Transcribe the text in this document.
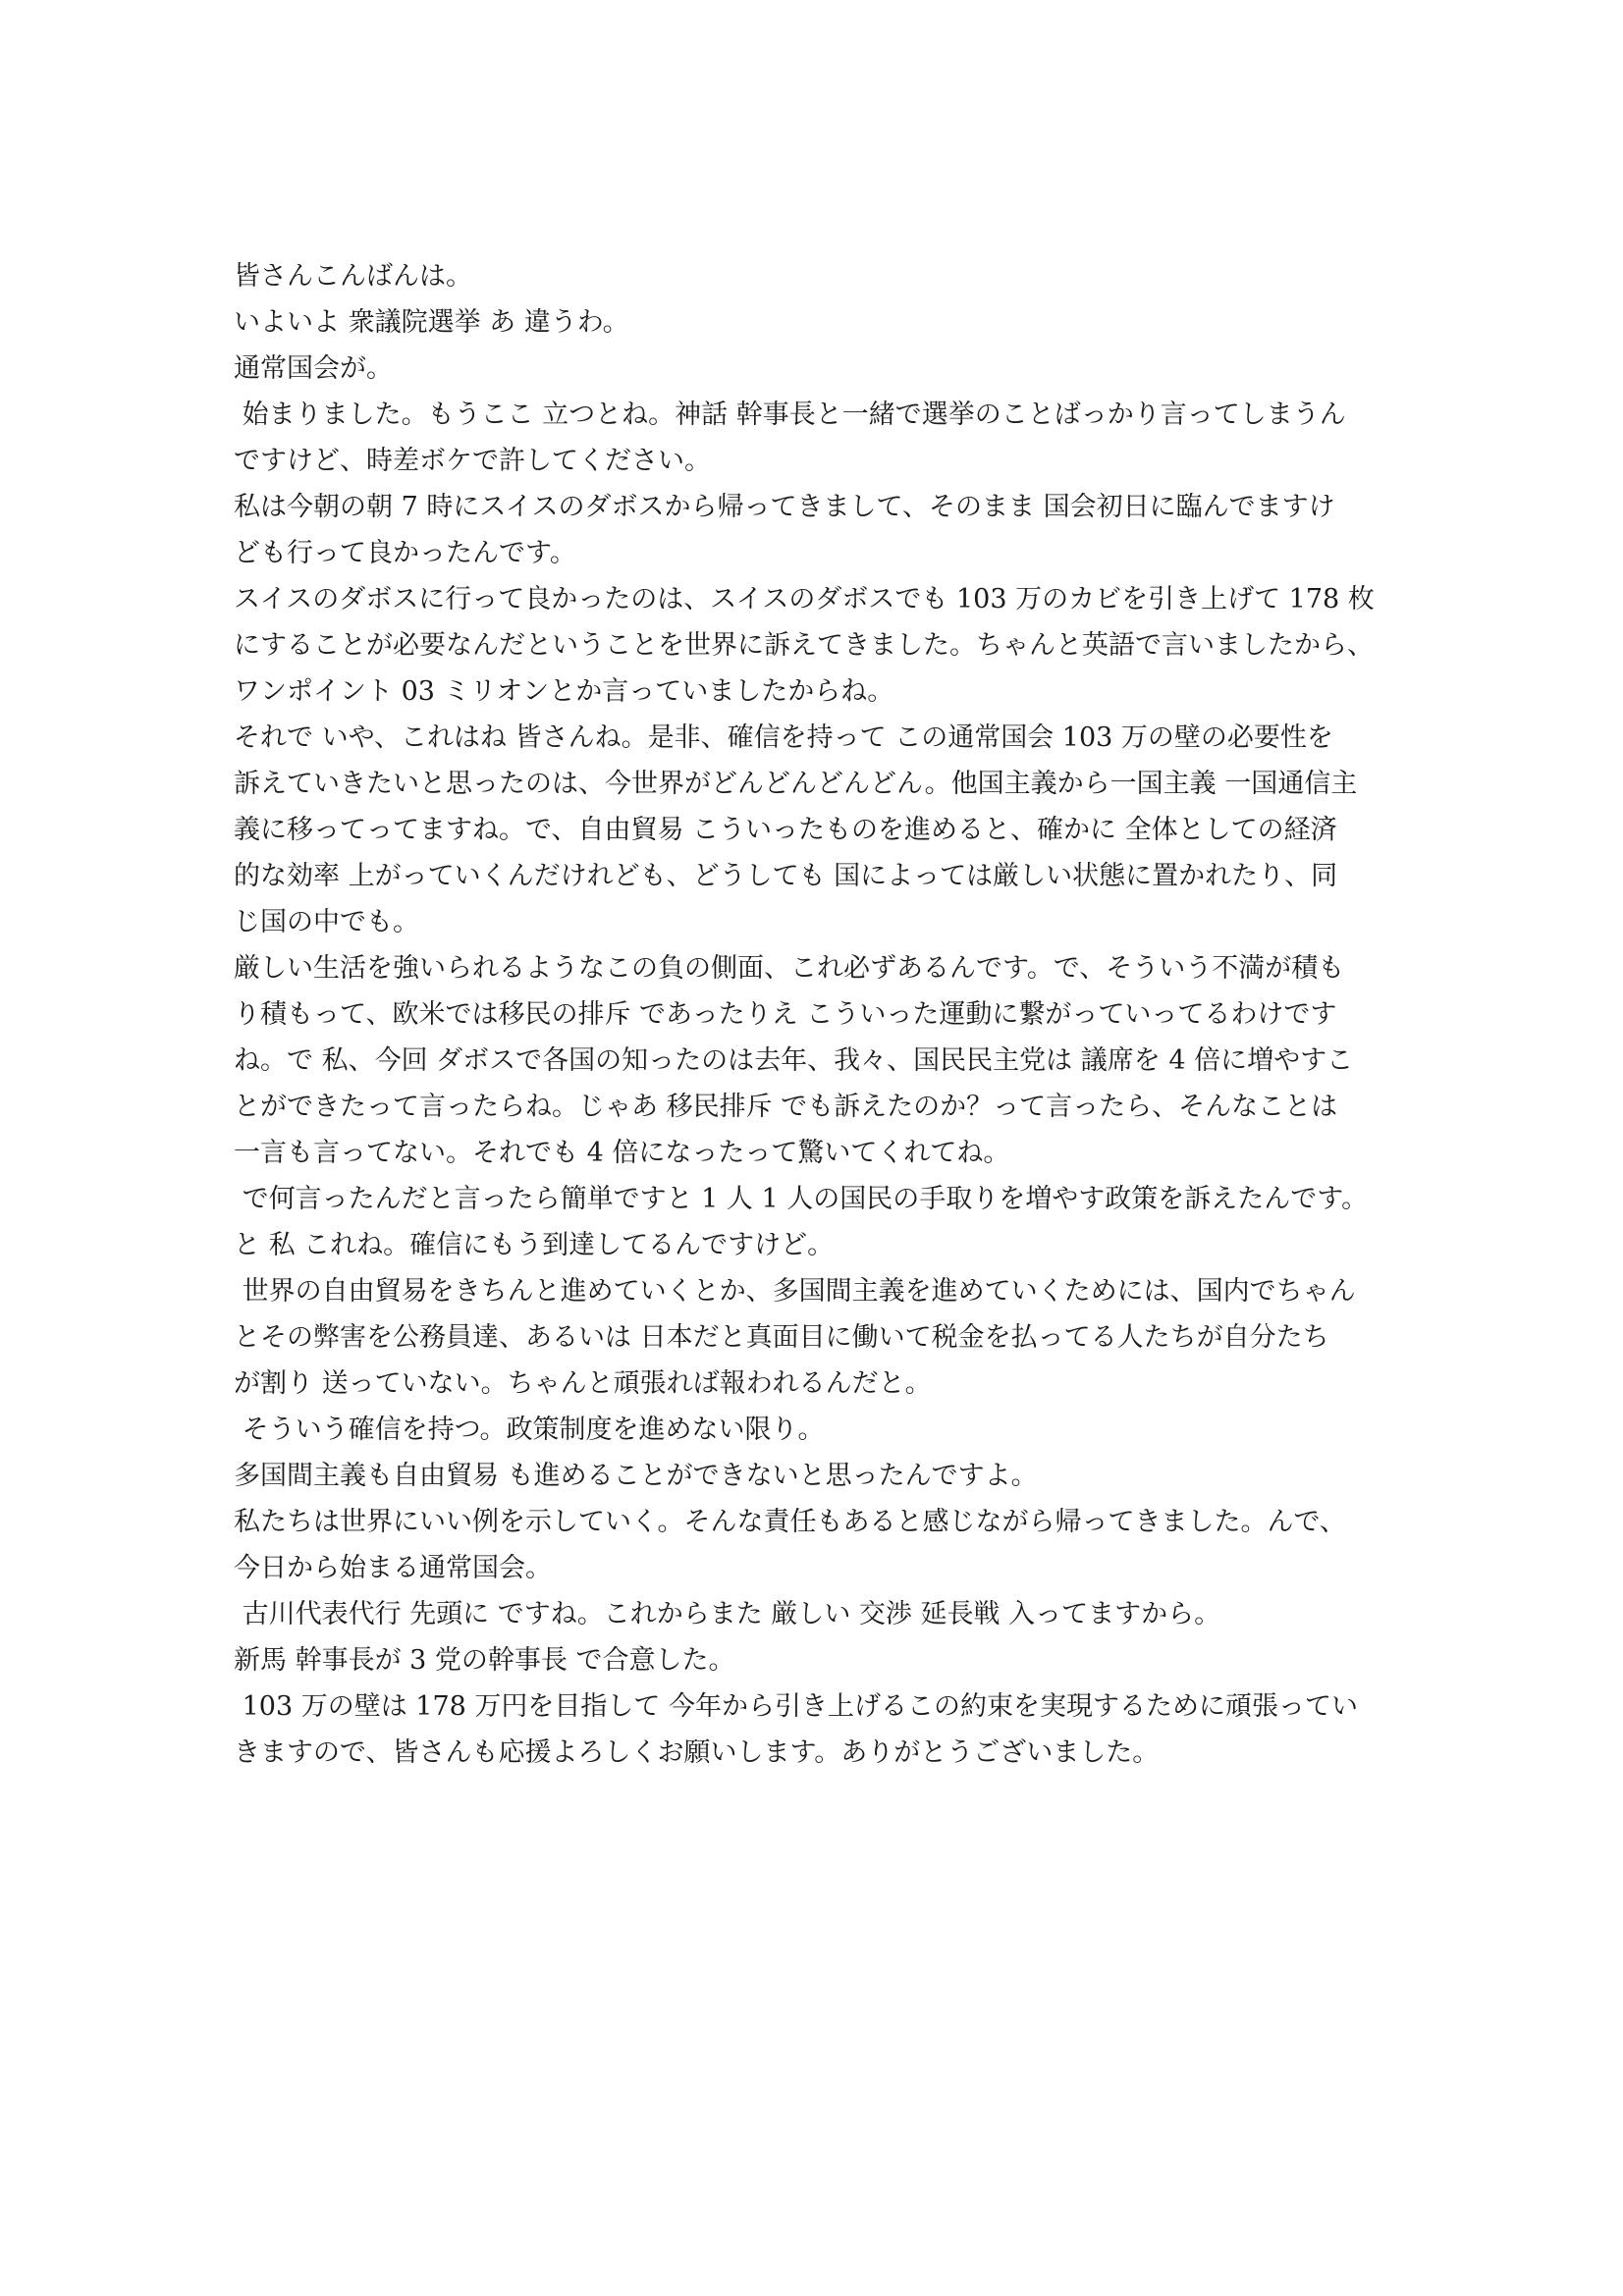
皆さんこんばんは。
いよいよ 衆議院選挙 あ 違うわ。
通常国会が。
始まりました。もうここ 立つとね。神話 幹事長と一緒で選挙のことばっかり言ってしまうん
ですけど、時差ボケで許してください。
私は今朝の朝 7 時にスイスのダボスから帰ってきまして、そのまま 国会初日に臨んでますけ
ども行って良かったんです。
スイスのダボスに行って良かったのは、スイスのダボスでも 103 万のカビを引き上げて 178 枚
にすることが必要なんだということを世界に訴えてきました。ちゃんと英語で言いましたから、
ワンポイント 03 ミリオンとか言っていましたからね。
それで いや、これはね 皆さんね。是非、確信を持って この通常国会 103 万の壁の必要性を
訴えていきたいと思ったのは、今世界がどんどんどんどん。他国主義から一国主義 一国通信主
義に移ってってますね。で、自由貿易 こういったものを進めると、確かに 全体としての経済
的な効率 上がっていくんだけれども、どうしても 国によっては厳しい状態に置かれたり、同
じ国の中でも。
厳しい生活を強いられるようなこの負の側面、これ必ずあるんです。で、そういう不満が積も
り積もって、欧米では移民の排斥 であったりえ こういった運動に繋がっていってるわけです
ね。で 私、今回 ダボスで各国の知ったのは去年、我々、国民民主党は 議席を 4 倍に増やすこ
とができたって言ったらね。じゃあ 移民排斥 でも訴えたのか？って言ったら、そんなことは
一言も言ってない。それでも 4 倍になったって驚いてくれてね。
で何言ったんだと言ったら簡単ですと 1 人 1 人の国民の手取りを増やす政策を訴えたんです。
と 私 これね。確信にもう到達してるんですけど。
世界の自由貿易をきちんと進めていくとか、多国間主義を進めていくためには、国内でちゃん
とその弊害を公務員達、あるいは 日本だと真面目に働いて税金を払ってる人たちが自分たち
が割り 送っていない。ちゃんと頑張れば報われるんだと。
そういう確信を持つ。政策制度を進めない限り。
多国間主義も自由貿易 も進めることができないと思ったんですよ。
私たちは世界にいい例を示していく。そんな責任もあると感じながら帰ってきました。んで、
今日から始まる通常国会。
古川代表代行 先頭に ですね。これからまた 厳しい 交渉 延長戦 入ってますから。
新馬 幹事長が 3 党の幹事長 で合意した。
103 万の壁は 178 万円を目指して 今年から引き上げるこの約束を実現するために頑張ってい
きますので、皆さんも応援よろしくお願いします。ありがとうございました。
